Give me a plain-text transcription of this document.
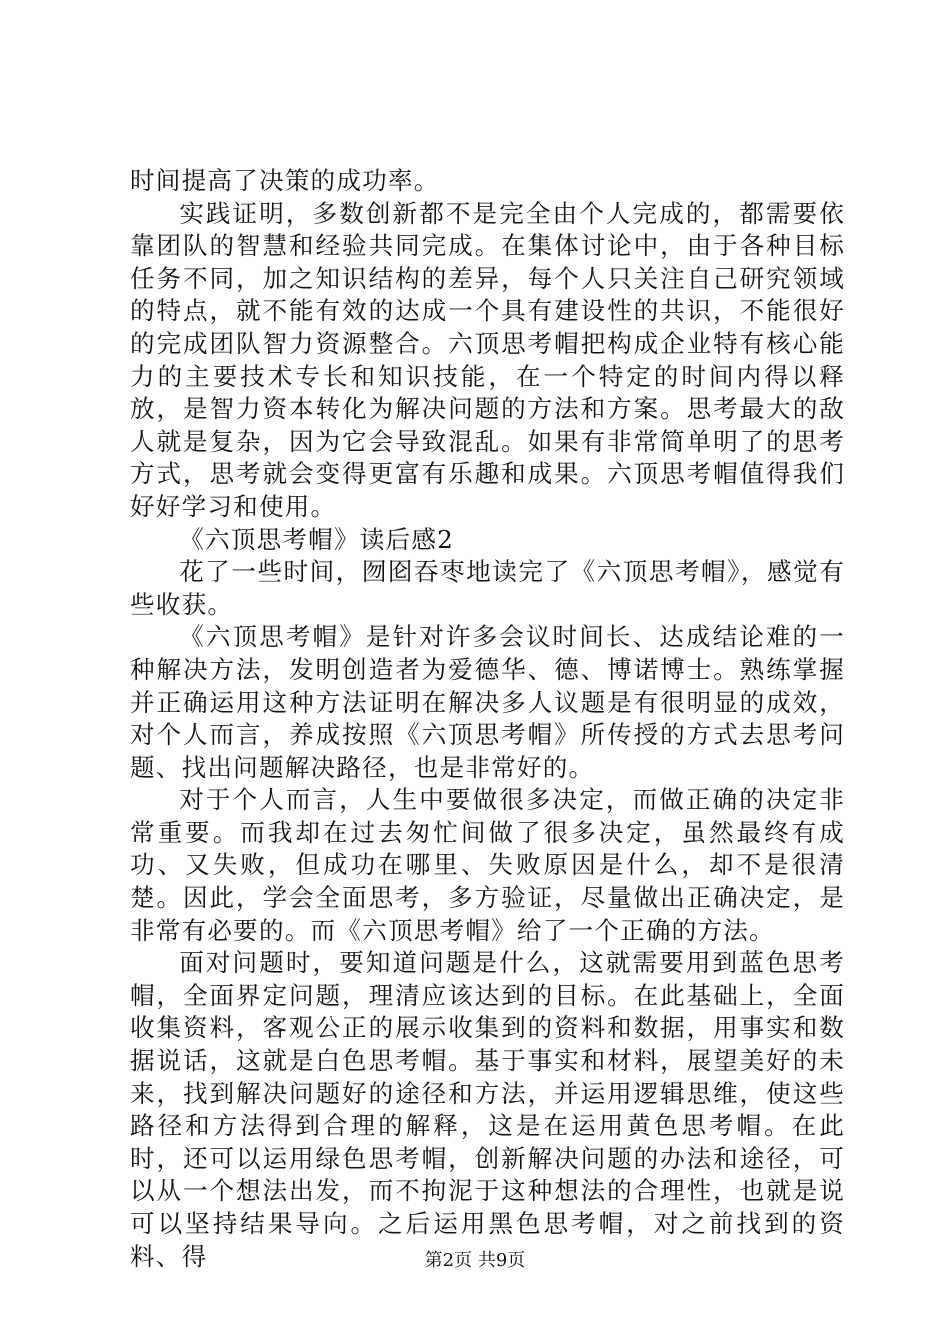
时间提高了决策的成功率。

实践证明，多数创新都不是完全由个人完成的，都需要依靠团队的智慧和经验共同完成。在集体讨论中，由于各种目标任务不同，加之知识结构的差异，每个人只关注自己研究领域的特点，就不能有效的达成一个具有建设性的共识，不能很好的完成团队智力资源整合。六顶思考帽把构成企业特有核心能力的主要技术专长和知识技能，在一个特定的时间内得以释放，是智力资本转化为解决问题的方法和方案。思考最大的敌人就是复杂，因为它会导致混乱。如果有非常简单明了的思考方式，思考就会变得更富有乐趣和成果。六顶思考帽值得我们好好学习和使用。

《六顶思考帽》读后感2

花了一些时间，囫囵吞枣地读完了《六顶思考帽》，感觉有些收获。

《六顶思考帽》是针对许多会议时间长、达成结论难的一种解决方法，发明创造者为爱德华、德、博诺博士。熟练掌握并正确运用这种方法证明在解决多人议题是有很明显的成效，对个人而言，养成按照《六顶思考帽》所传授的方式去思考问题、找出问题解决路径，也是非常好的。

对于个人而言，人生中要做很多决定，而做正确的决定非常重要。而我却在过去匆忙间做了很多决定，虽然最终有成功、又失败，但成功在哪里、失败原因是什么，却不是很清楚。因此，学会全面思考，多方验证，尽量做出正确决定，是非常有必要的。而《六顶思考帽》给了一个正确的方法。

面对问题时，要知道问题是什么，这就需要用到蓝色思考帽，全面界定问题，理清应该达到的目标。在此基础上，全面收集资料，客观公正的展示收集到的资料和数据，用事实和数据说话，这就是白色思考帽。基于事实和材料，展望美好的未来，找到解决问题好的途径和方法，并运用逻辑思维，使这些路径和方法得到合理的解释，这是在运用黄色思考帽。在此时，还可以运用绿色思考帽，创新解决问题的办法和途径，可以从一个想法出发，而不拘泥于这种想法的合理性，也就是说可以坚持结果导向。之后运用黑色思考帽，对之前找到的资料、得	第2页 共9页
